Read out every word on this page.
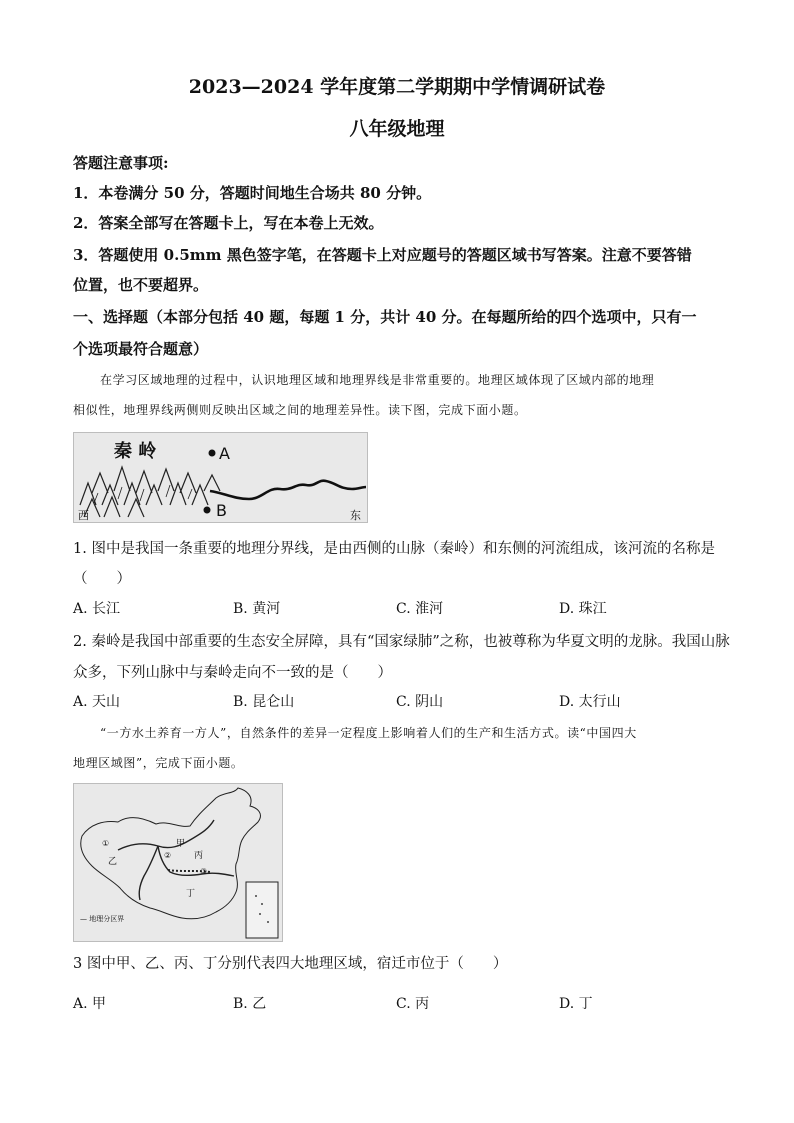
2023—2024 学年度第二学期期中学情调研试卷
八年级地理
答题注意事项:
1．本卷满分 50 分，答题时间地生合场共 80 分钟。
2．答案全部写在答题卡上，写在本卷上无效。
3．答题使用 0.5mm 黑色签字笔，在答题卡上对应题号的答题区域书写答案。注意不要答错
位置，也不要超界。
一、选择题（本部分包括 40 题，每题 1 分，共计 40 分。在每题所给的四个选项中，只有一
个选项最符合题意）
在学习区域地理的过程中，认识地理区域和地理界线是非常重要的。地理区域体现了区域内部的地理
相似性，地理界线两侧则反映出区域之间的地理差异性。读下图，完成下面小题。
秦 岭	A
B
西	东
1. 图中是我国一条重要的地理分界线，是由西侧的山脉（秦岭）和东侧的河流组成，该河流的名称是
（　　）
A. 长江	B. 黄河	C. 淮河	D. 珠江
2. 秦岭是我国中部重要的生态安全屏障，具有“国家绿肺”之称，也被尊称为华夏文明的龙脉。我国山脉
众多，下列山脉中与秦岭走向不一致的是（　　）
A. 天山	B. 昆仑山	C. 阴山	D. 太行山
“一方水土养育一方人”，自然条件的差异一定程度上影响着人们的生产和生活方式。读“中国四大
地理区域图”，完成下面小题。
甲
乙
丙
丁
①
②
③
— 地理分区界
3 图中甲、乙、丙、丁分别代表四大地理区域，宿迁市位于（　　）
A. 甲	B. 乙	C. 丙	D. 丁
